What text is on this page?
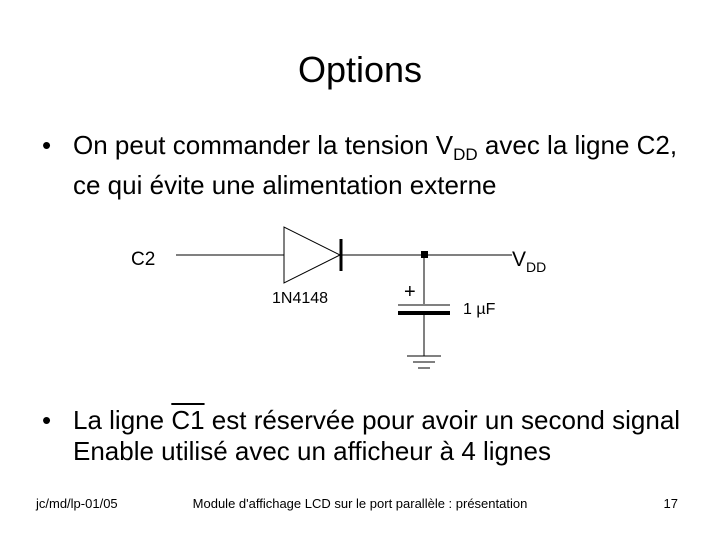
Options
• On peut commander la tension $V_{DD}$ avec la ligne C2, ce qui évite une alimentation externe
C2	$V_{DD}$
1N4148	+
1 µF
• La ligne C1 est réservée pour avoir un second signal Enable utilisé avec un afficheur à 4 lignes
jc/md/lp-01/05	Module d'affichage LCD sur le port parallèle : présentation	17
